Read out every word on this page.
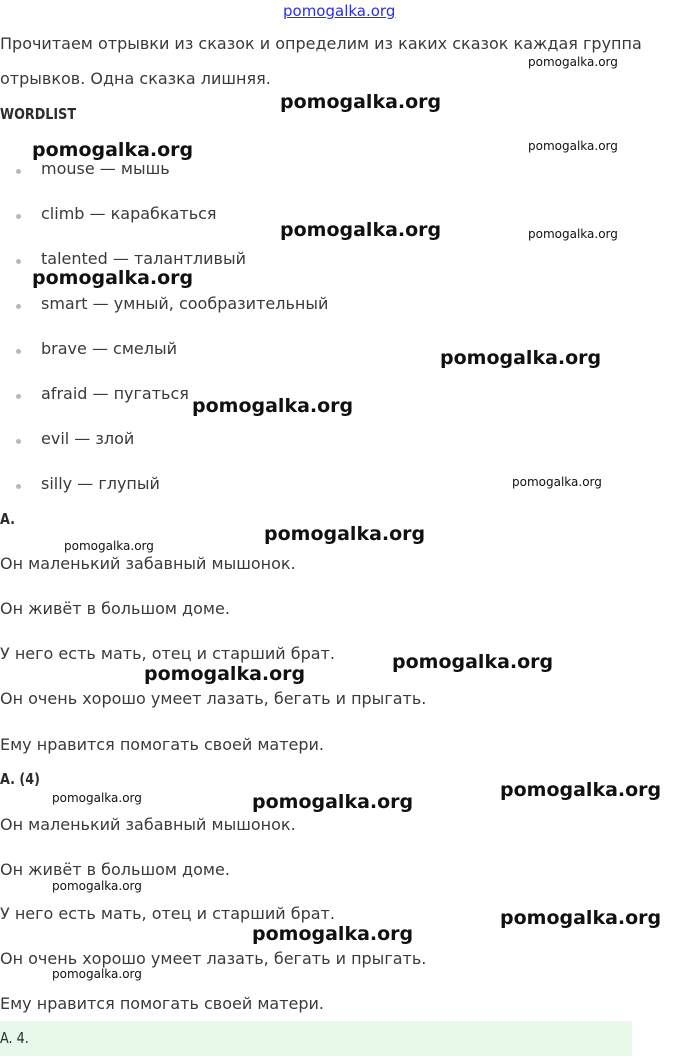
pomogalka.org
Прочитаем отрывки из сказок и определим из каких сказок каждая группа
отрывков. Одна сказка лишняя.
WORDLIST
mouse — мышь
climb — карабкаться
talented — талантливый
smart — умный, сообразительный
brave — смелый
afraid — пугаться
evil — злой
silly — глупый
A.
Он маленький забавный мышонок.
Он живёт в большом доме.
У него есть мать, отец и старший брат.
Он очень хорошо умеет лазать, бегать и прыгать.
Ему нравится помогать своей матери.
A. (4)
Он маленький забавный мышонок.
Он живёт в большом доме.
У него есть мать, отец и старший брат.
Он очень хорошо умеет лазать, бегать и прыгать.
Ему нравится помогать своей матери.
A. 4.
pomogalka.org
pomogalka.org
pomogalka.org	pomogalka.org
pomogalka.org	pomogalka.org
pomogalka.org
pomogalka.org
pomogalka.org
pomogalka.org
pomogalka.org
pomogalka.org
pomogalka.org
pomogalka.org
pomogalka.org
pomogalka.org	pomogalka.org
pomogalka.org
pomogalka.org
pomogalka.org
pomogalka.org
